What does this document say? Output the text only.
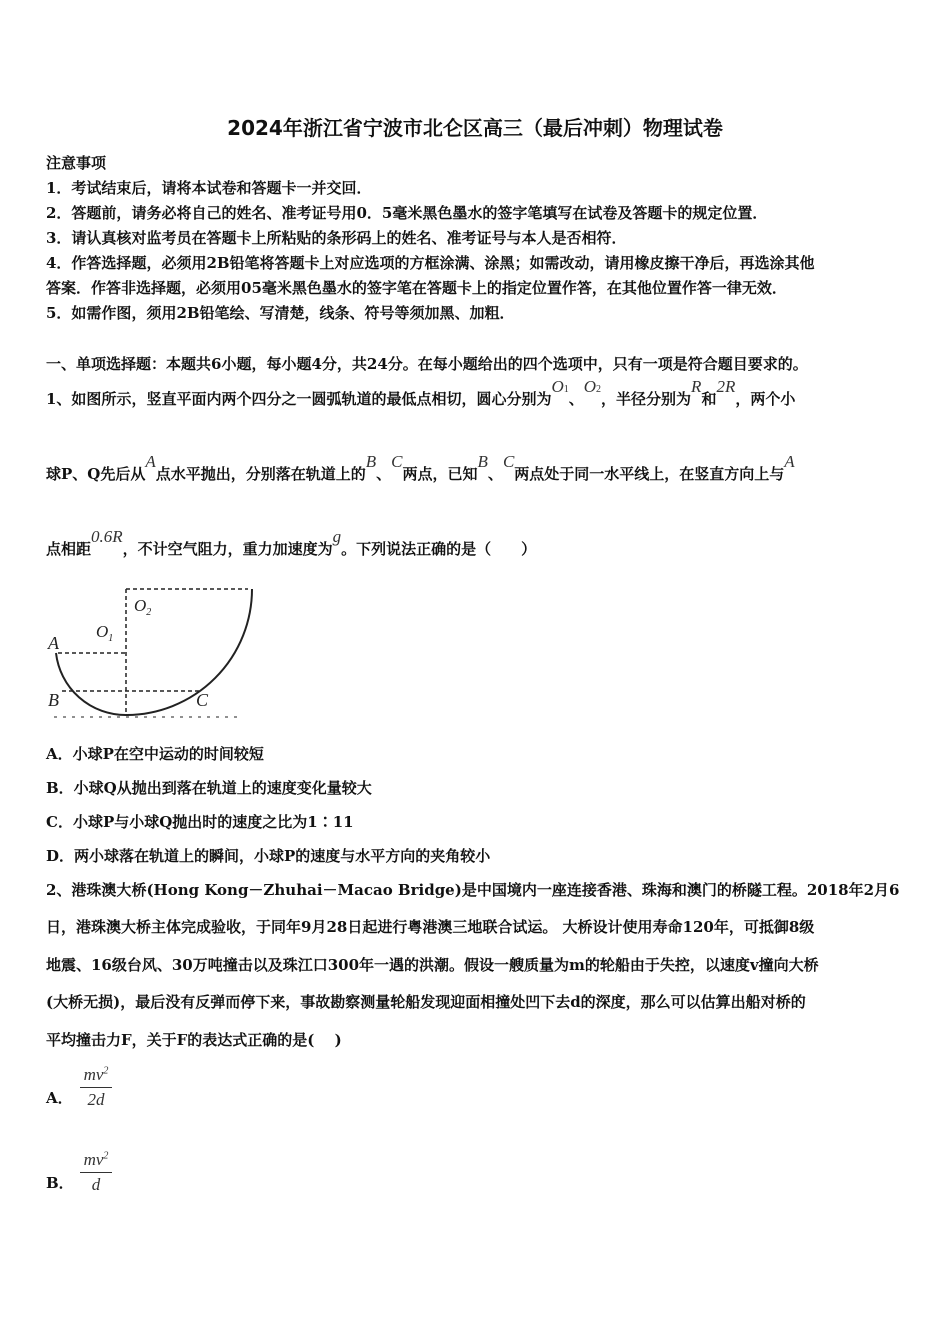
2024年浙江省宁波市北仑区高三（最后冲刺）物理试卷
注意事项
1．考试结束后，请将本试卷和答题卡一并交回．
2．答题前，请务必将自己的姓名、准考证号用0．5毫米黑色墨水的签字笔填写在试卷及答题卡的规定位置．
3．请认真核对监考员在答题卡上所粘贴的条形码上的姓名、准考证号与本人是否相符．
4．作答选择题，必须用2B铅笔将答题卡上对应选项的方框涂满、涂黑；如需改动，请用橡皮擦干净后，再选涂其他
答案．作答非选择题，必须用05毫米黑色墨水的签字笔在答题卡上的指定位置作答，在其他位置作答一律无效．
5．如需作图，须用2B铅笔绘、写清楚，线条、符号等须加黑、加粗．
一、单项选择题：本题共6小题，每小题4分，共24分。在每小题给出的四个选项中，只有一项是符合题目要求的。
1、如图所示，竖直平面内两个四分之一圆弧轨道的最低点相切，圆心分别为O1、O2，半径分别为R和2R，两个小
球P、Q先后从A点水平抛出，分别落在轨道上的B、C两点，已知B、C两点处于同一水平线上，在竖直方向上与A
点相距0.6R，不计空气阻力，重力加速度为g。下列说法正确的是（　　）
$O_2$
$O_1$
A
B	C
A．小球P在空中运动的时间较短
B．小球Q从抛出到落在轨道上的速度变化量较大
C．小球P与小球Q抛出时的速度之比为1∶11
D．两小球落在轨道上的瞬间，小球P的速度与水平方向的夹角较小
2、港珠澳大桥(Hong Kong－Zhuhai－Macao Bridge)是中国境内一座连接香港、珠海和澳门的桥隧工程。2018年2月6
日，港珠澳大桥主体完成验收，于同年9月28日起进行粤港澳三地联合试运。 大桥设计使用寿命120年，可抵御8级
地震、16级台风、30万吨撞击以及珠江口300年一遇的洪潮。假设一艘质量为m的轮船由于失控，以速度v撞向大桥
(大桥无损)，最后没有反弹而停下来，事故勘察测量轮船发现迎面相撞处凹下去d的深度，那么可以估算出船对桥的
平均撞击力F，关于F的表达式正确的是(　 )
A． $\frac{mv^2}{2d}$
B． $\frac{mv^2}{d}$
